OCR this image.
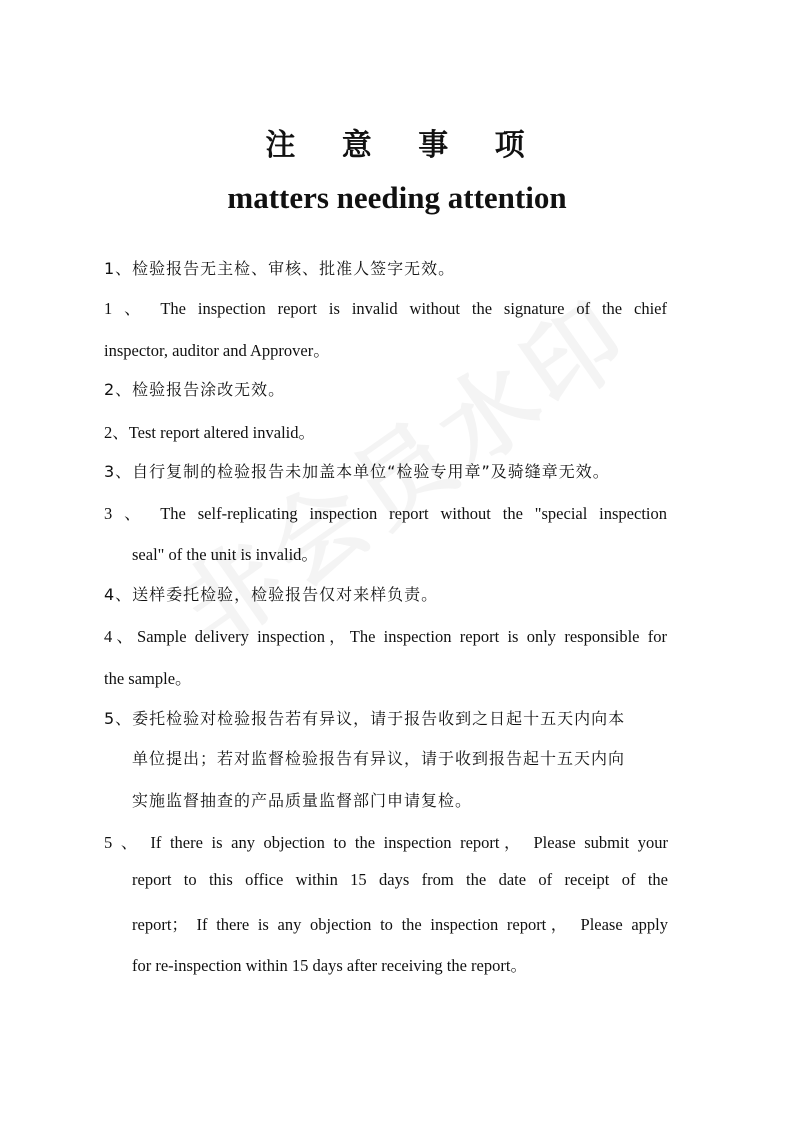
注 意 事 项
matters needing attention
1、检验报告无主检、审核、批准人签字无效。
1 、 The inspection report is invalid without the signature of the chief
inspector, auditor and Approver。
2、检验报告涂改无效。
2、Test report altered invalid。
3、自行复制的检验报告未加盖本单位“检验专用章”及骑缝章无效。
3 、 The self-replicating inspection report without the "special inspection
seal" of the unit is invalid。
4、送样委托检验，检验报告仅对来样负责。
4、Sample delivery inspection，The inspection report is only responsible for
the sample。
5、委托检验对检验报告若有异议，请于报告收到之日起十五天内向本
单位提出；若对监督检验报告有异议，请于收到报告起十五天内向
实施监督抽查的产品质量监督部门申请复检。
5 、 If there is any objection to the inspection report， Please submit your
report to this office within 15 days from the date of receipt of the
report； If there is any objection to the inspection report， Please apply
for re-inspection within 15 days after receiving the report。
